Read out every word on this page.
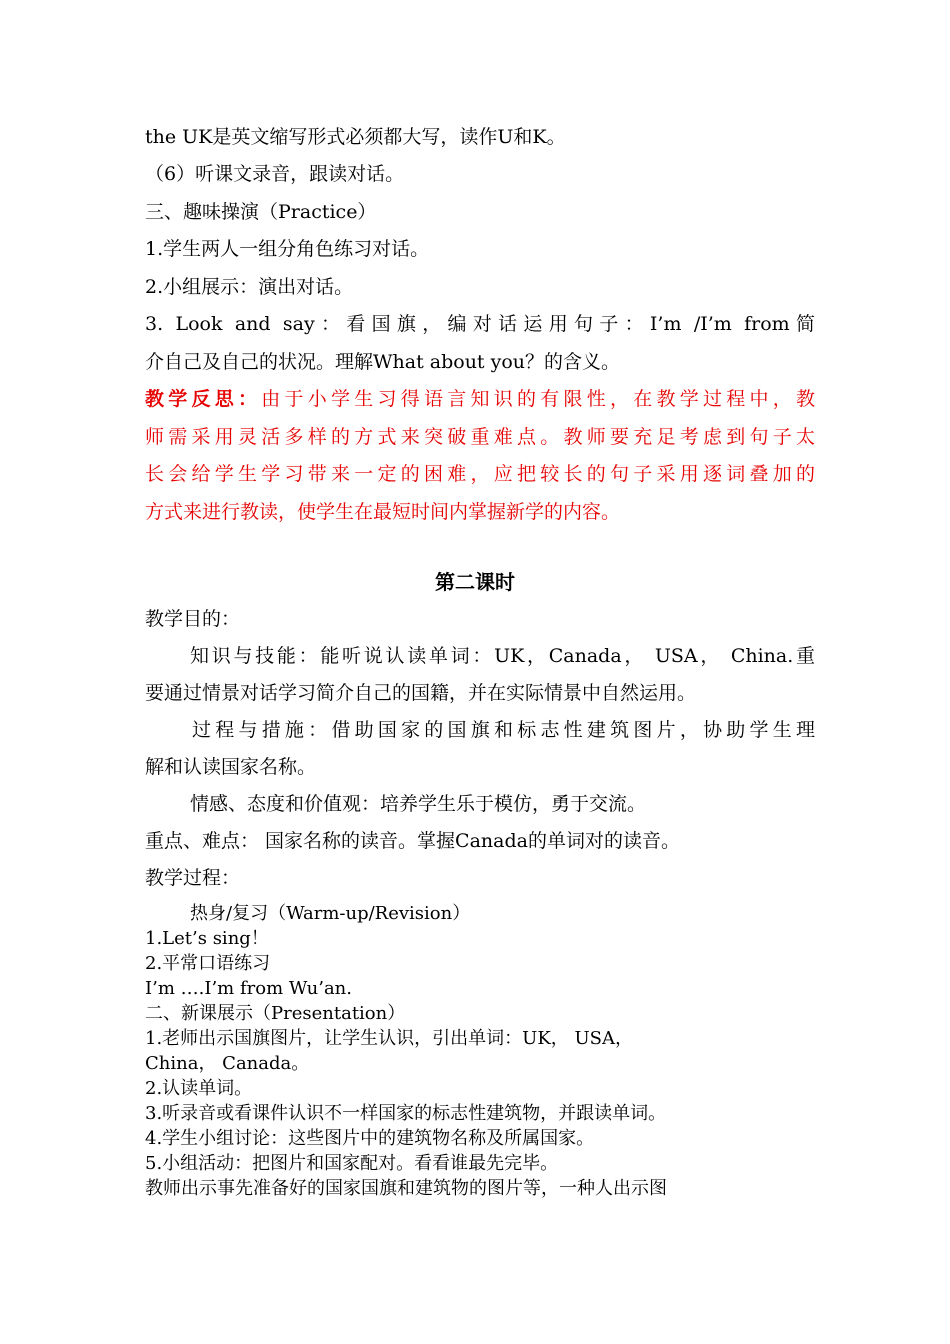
the UK是英文缩写形式必须都大写，读作U和K。
（6）听课文录音，跟读对话。
三、趣味操演（Practice）
1.学生两人一组分角色练习对话。
2.小组展示：演出对话。
3. Look and say：看国旗，编对话运用句子：I’m /I’m from简
介自己及自己的状况。理解What about you？的含义。
教学反思：由于小学生习得语言知识的有限性，在教学过程中，教
师需采用灵活多样的方式来突破重难点。教师要充足考虑到句子太
长会给学生学习带来一定的困难，应把较长的句子采用逐词叠加的
方式来进行教读，使学生在最短时间内掌握新学的内容。
第二课时
教学目的：
知识与技能：能听说认读单词：UK，Canada， USA， China.重
要通过情景对话学习简介自己的国籍，并在实际情景中自然运用。
过程与措施：借助国家的国旗和标志性建筑图片，协助学生理
解和认读国家名称。
情感、态度和价值观：培养学生乐于模仿，勇于交流。
重点、难点： 国家名称的读音。掌握Canada的单词对的读音。
教学过程：
热身/复习（Warm-up/Revision）
1.Let’s sing！
2.平常口语练习
I’m ….I’m from Wu’an.
二、新课展示（Presentation）
1.老师出示国旗图片，让学生认识，引出单词：UK， USA，
China， Canada。
2.认读单词。
3.听录音或看课件认识不一样国家的标志性建筑物，并跟读单词。
4.学生小组讨论：这些图片中的建筑物名称及所属国家。
5.小组活动：把图片和国家配对。看看谁最先完毕。
教师出示事先准备好的国家国旗和建筑物的图片等，一种人出示图
